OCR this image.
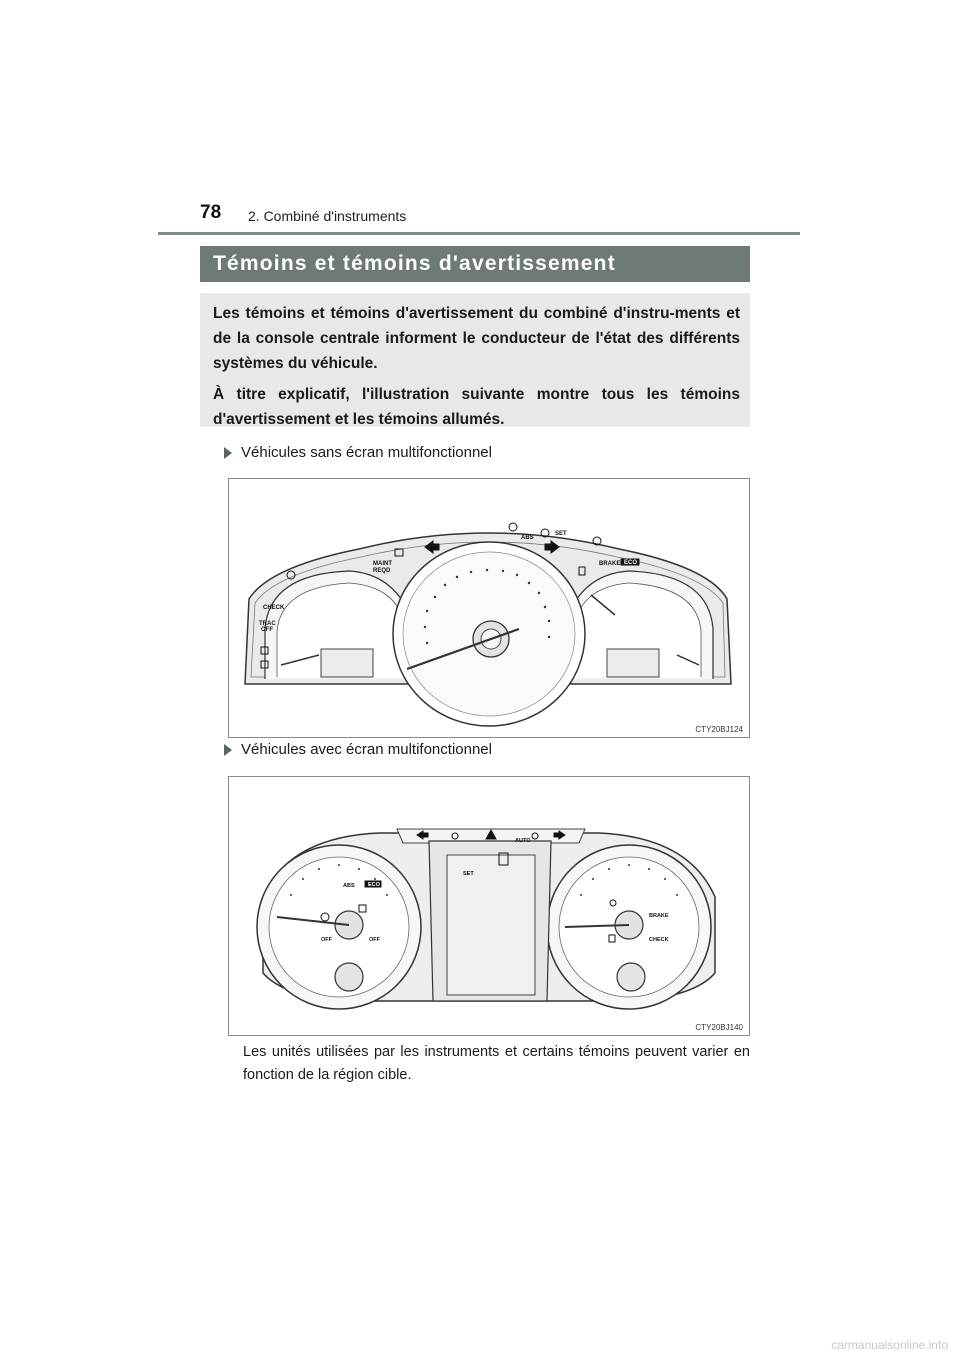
78 2. Combiné d'instruments
Témoins et témoins d'avertissement

Les témoins et témoins d'avertissement du combiné d'instru-ments et de la console centrale informent le conducteur de l'état des différents systèmes du véhicule.

À titre explicatif, l'illustration suivante montre tous les témoins d'avertissement et les témoins allumés.

Véhicules sans écran multifonctionnel
ABS
SET
MAINT
REQD
CHECK
TRAC
OFF
BRAKE ECO
CTY20BJ124
Véhicules avec écran multifonctionnel
AUTO
SET
ABS ECO
OFF	OFF
BRAKE
CHECK
CTY20BJ140
Les unités utilisées par les instruments et certains témoins peuvent varier en fonction de la région cible.
carmanualsonline.info
